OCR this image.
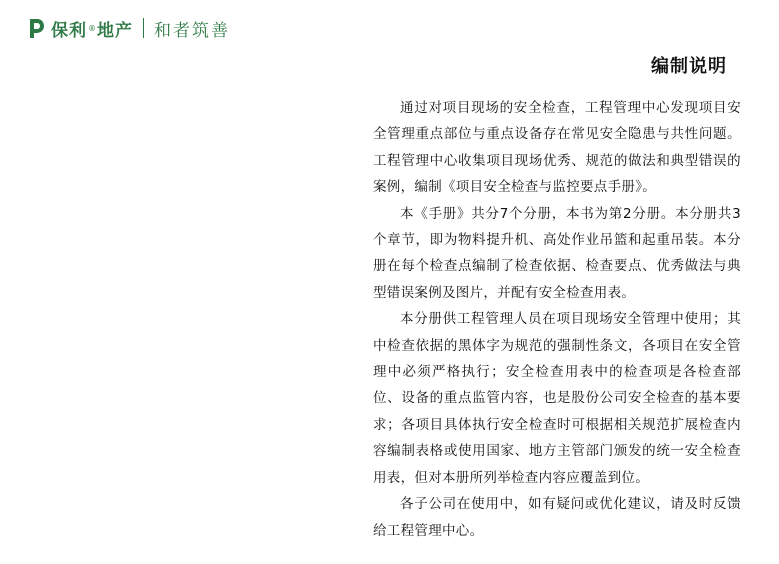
保利 ® 地产 和者筑善
编制说明

通过对项目现场的安全检查，工程管理中心发现项目安全管理重点部位与重点设备存在常见安全隐患与共性问题。工程管理中心收集项目现场优秀、规范的做法和典型错误的案例，编制《项目安全检查与监控要点手册》。

本《手册》共分7个分册，本书为第2分册。本分册共3个章节，即为物料提升机、高处作业吊篮和起重吊装。本分册在每个检查点编制了检查依据、检查要点、优秀做法与典型错误案例及图片，并配有安全检查用表。

本分册供工程管理人员在项目现场安全管理中使用；其中检查依据的黑体字为规范的强制性条文，各项目在安全管理中必须严格执行；安全检查用表中的检查项是各检查部位、设备的重点监管内容，也是股份公司安全检查的基本要求；各项目具体执行安全检查时可根据相关规范扩展检查内容编制表格或使用国家、地方主管部门颁发的统一安全检查用表，但对本册所列举检查内容应覆盖到位。

各子公司在使用中，如有疑问或优化建议，请及时反馈给工程管理中心。
